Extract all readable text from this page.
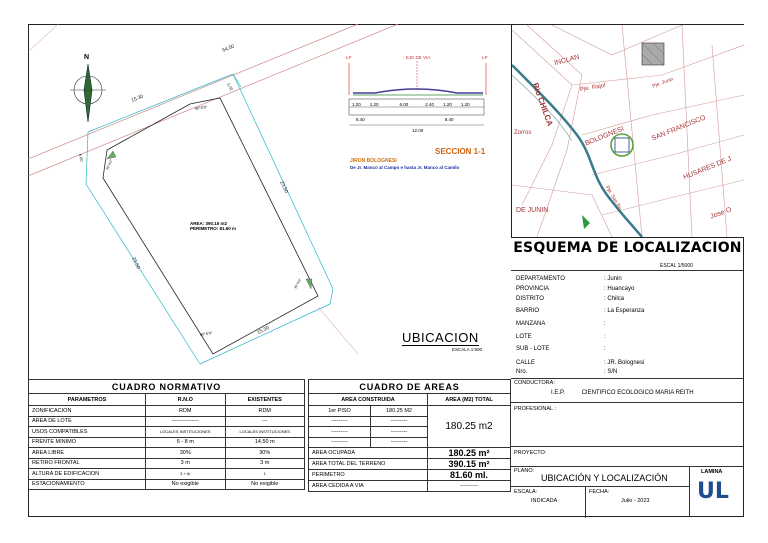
N
54.00
15.30
23.50
23.50
15.30
5.00
5.00
90°0'0"
90°0'0"
90°0'0"
90°0'0"
AREA: 390.15 m2
PERIMETRO: 81.60 m
LP	EJE DE VIA	LP
1.20 1.20	6.00	2.40 1.20 1.20
8.40	8.40
12.00
SECCION 1-1
JIRON BOLOGNESI
De Jr. Manco al Campo e hasta Jr. Manco al Camilo
UBICACION
ESCALA 1:500
INCLAN
Pje. Rajol	Pje. Junin
Rio CHILCA
BOLOGNESI	SAN FRANCISCO
HUSARES DE J
Zorros
DE JUNIN	Jose O
Pje. San Ro
ESQUEMA DE LOCALIZACION
ESCAL 1/5000
DEPARTAMENTO	: Junin
PROVINCIA	: Huancayo
DISTRITO	: Chilca
BARRIO	: La Esperanza
MANZANA	:
LOTE	:
SUB - LOTE	:
CALLE	: JR. Bolognesi
Nro.	: S/N
CUADRO NORMATIVO		
PARAMETROS	R.N.O	EXISTENTES
ZONIFICACION	RDM	RDM
AREA DE LOTE	---------------	---
USOS COMPATIBLES	LOCALES INSTITUCIONES	LOCALES INSTITUCIONES
FRENTE MINIMO	6 - 8 m	14.50 m
AREA LIBRE	30%	30%
RETIRO FRONTAL	3 m	3 m
ALTURA DE EDIFICACION	3 + A/	1
ESTACIONAMIENTO	No exigible	No exigible
CUADRO DE AREAS		
AREA CONSTRUIDA		AREA (M2) TOTAL
1er PISO	180.25 M2	180.25 m2
---------	---------	
---------	---------	
---------	---------	
AREA OCUPADA		180.25 m²
AREA TOTAL DEL TERRENO		390.15 m²
PERIMETRO		81.60 ml.
AREA CEDIDA A VIA		----------
CONDUCTORA:
I.E.P.          CIENTIFICO ECOLOGICO MARIA REITH
PROFESIONAL :
PROYECTO:
PLANO:
UBICACIÓN Y LOCALIZACIÓN
LAMINA
UL
ESCALA:
INDICADA
FECHA:
Julio - 2023
